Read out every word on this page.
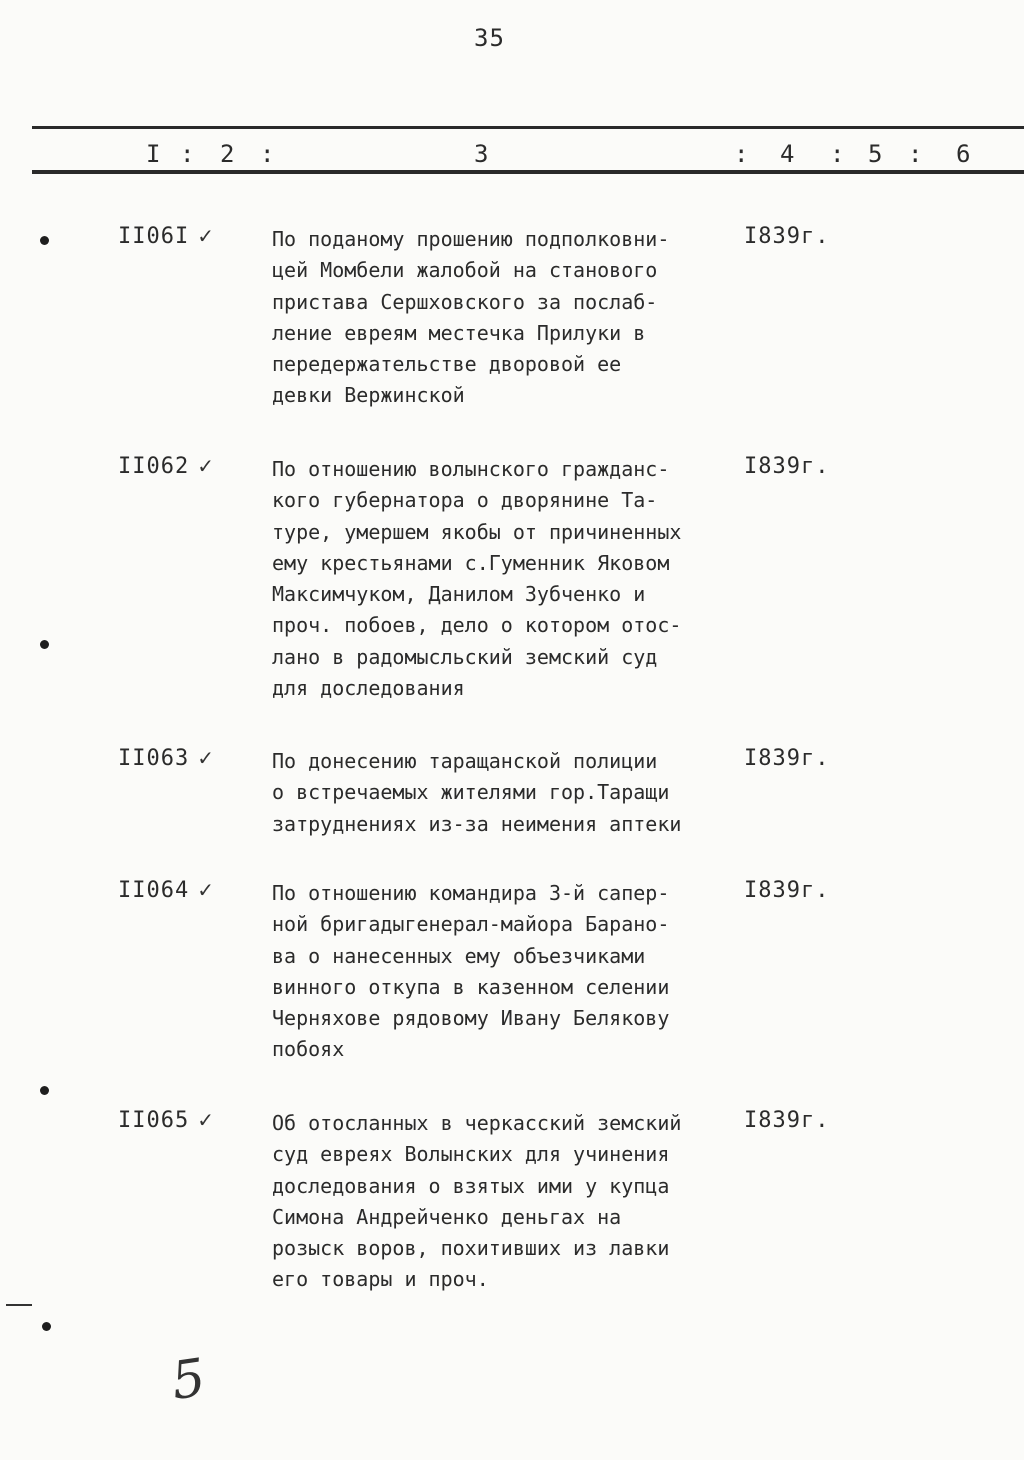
35
I : 2 :	3	: 4 : 5 : 6
II06I ✓	По поданому прошению подполковни-
цей Момбели жалобой на станового
пристава Сершховского за послаб-
ление евреям местечка Прилуки в
передержательстве дворовой ее
девки Вержинской
I839г.
II062 ✓	По отношению волынского гражданс-
кого губернатора о дворянине Та-
туре, умершем якобы от причиненных
ему крестьянами с.Гуменник Яковом
Максимчуком, Данилом Зубченко и
проч. побоев, дело о котором отос-
лано в радомысльский земский суд
для доследования
I839г.
II063 ✓	По донесению таращанской полиции
о встречаемых жителями гор.Таращи
затруднениях из-за неимения аптеки
I839г.
II064 ✓	По отношению командира 3-й сапер-
ной бригадыгенерал-майора Барано-
ва о нанесенных ему объезчиками
винного откупа в казенном селении
Черняхове рядовому Ивану Белякову
побоях
I839г.
II065 ✓	Об отосланных в черкасский земский
суд евреях Волынских для учинения
доследования о взятых ими у купца
Симона Андрейченко деньгах на
розыск воров, похитивших из лавки
его товары и проч.
I839г.
5
